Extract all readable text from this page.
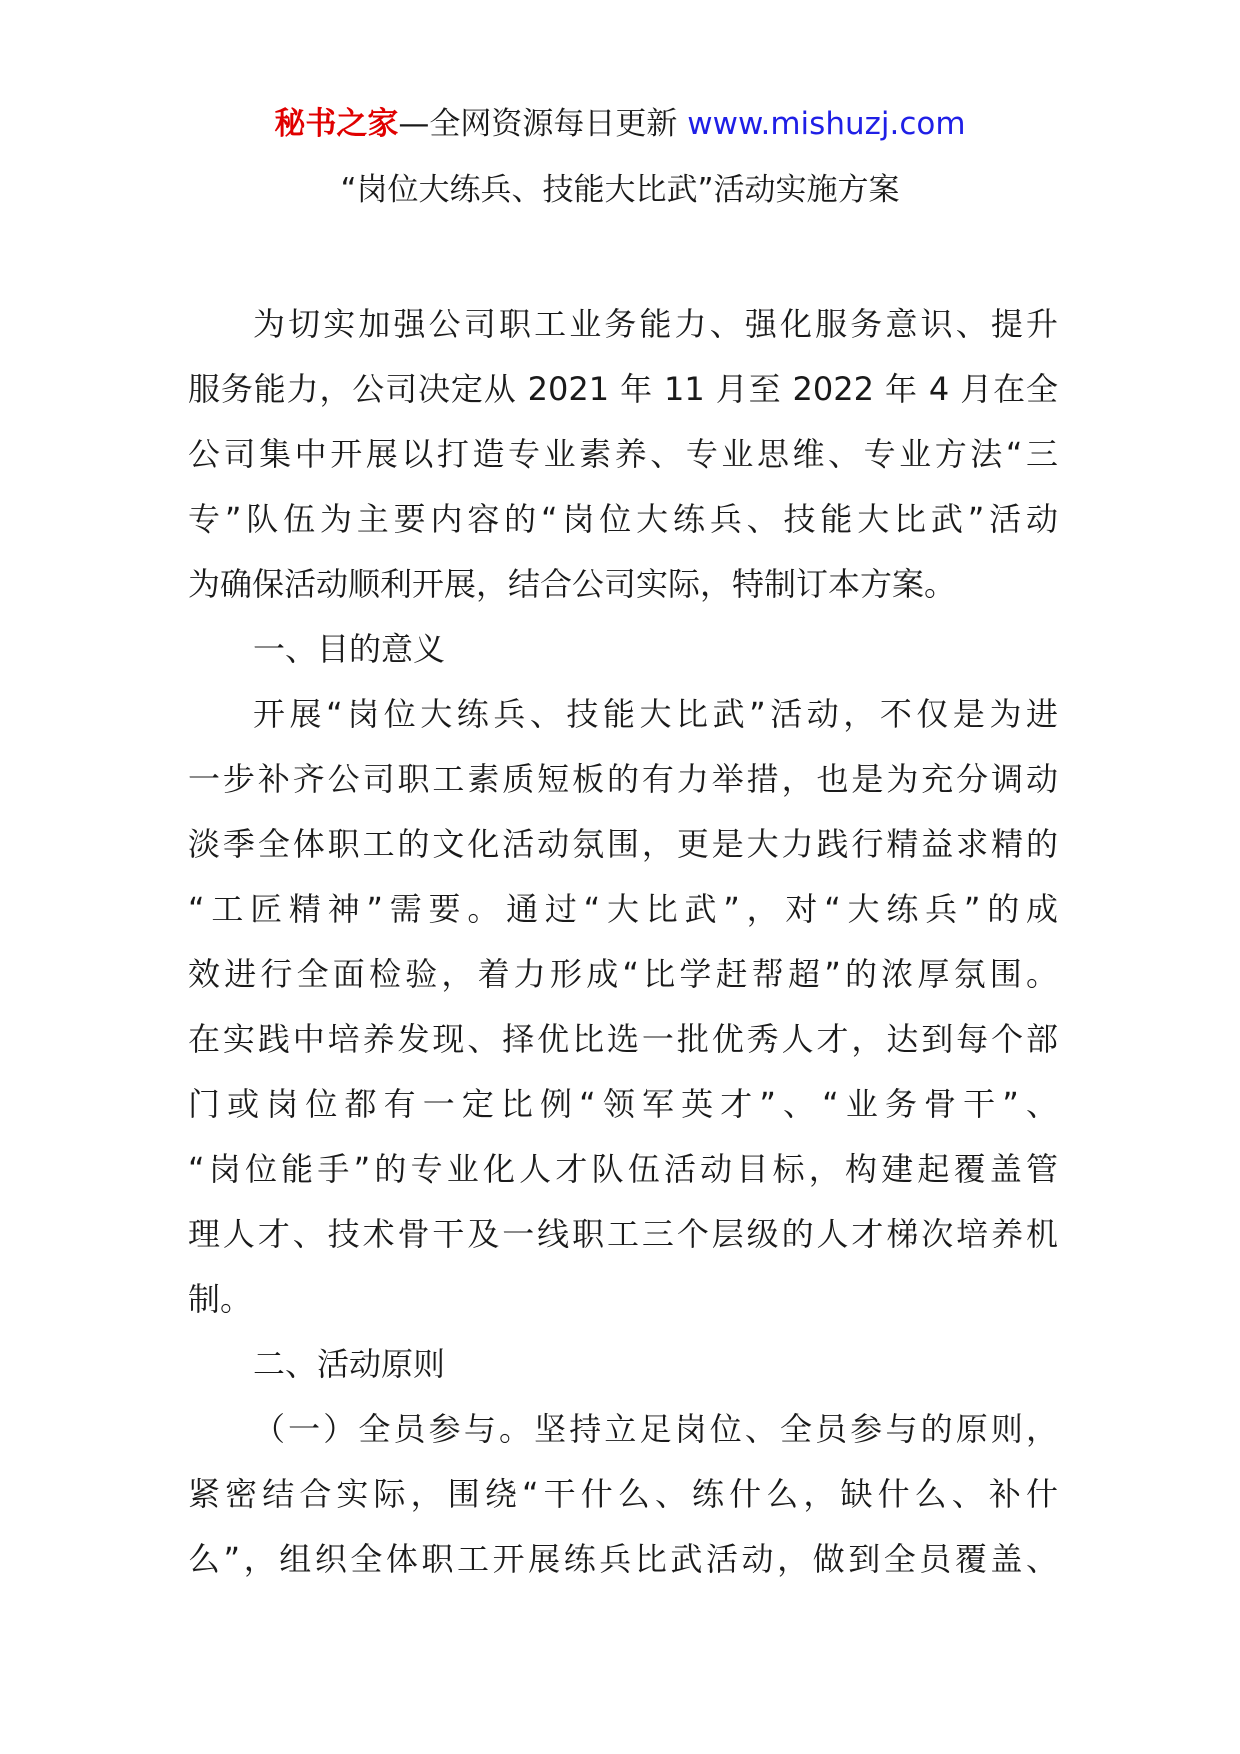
秘书之家—全网资源每日更新 www.mishuzj.com
“岗位大练兵、技能大比武”活动实施方案
为切实加强公司职工业务能力、强化服务意识、提升
服务能力，公司决定从 2021 年 11 月至 2022 年 4 月在全
公司集中开展以打造专业素养、专业思维、专业方法“三
专”队伍为主要内容的“岗位大练兵、技能大比武”活动
为确保活动顺利开展，结合公司实际，特制订本方案。
一、目的意义
开展“岗位大练兵、技能大比武”活动，不仅是为进
一步补齐公司职工素质短板的有力举措，也是为充分调动
淡季全体职工的文化活动氛围，更是大力践行精益求精的
“工匠精神”需要。通过“大比武”，对“大练兵”的成
效进行全面检验，着力形成“比学赶帮超”的浓厚氛围。
在实践中培养发现、择优比选一批优秀人才，达到每个部
门或岗位都有一定比例“领军英才”、“业务骨干”、
“岗位能手”的专业化人才队伍活动目标，构建起覆盖管
理人才、技术骨干及一线职工三个层级的人才梯次培养机
制。
二、活动原则
（一）全员参与。坚持立足岗位、全员参与的原则，
紧密结合实际，围绕“干什么、练什么，缺什么、补什
么”，组织全体职工开展练兵比武活动，做到全员覆盖、
